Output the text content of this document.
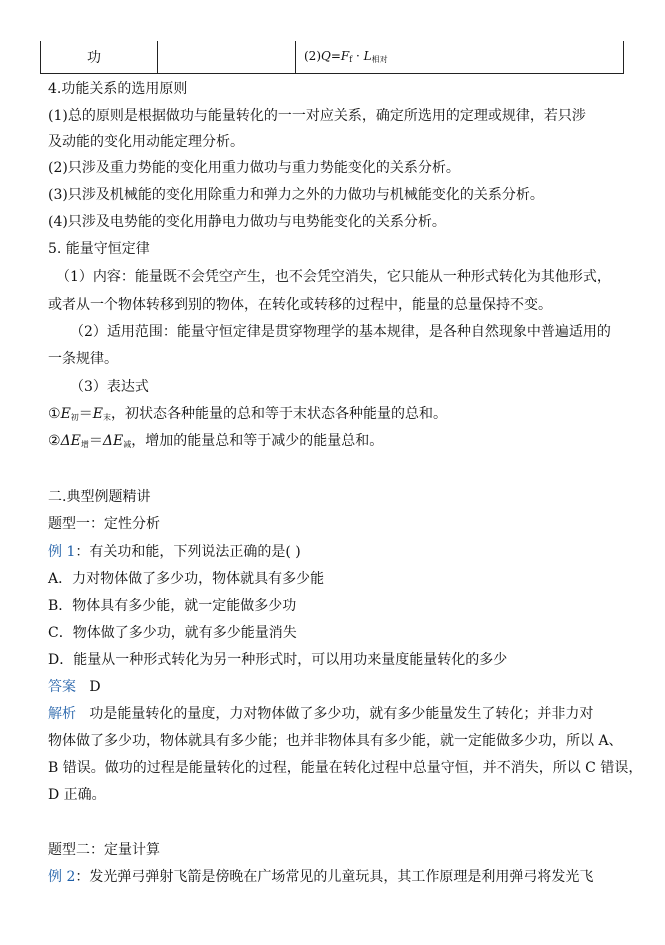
功	$(2)Q=F_f \cdot L_{相对}$
4.功能关系的选用原则
(1)总的原则是根据做功与能量转化的一一对应关系，确定所选用的定理或规律，若只涉
及动能的变化用动能定理分析。
(2)只涉及重力势能的变化用重力做功与重力势能变化的关系分析。
(3)只涉及机械能的变化用除重力和弹力之外的力做功与机械能变化的关系分析。
(4)只涉及电势能的变化用静电力做功与电势能变化的关系分析。
5. 能量守恒定律
（1）内容：能量既不会凭空产生，也不会凭空消失，它只能从一种形式转化为其他形式，
或者从一个物体转移到别的物体，在转化或转移的过程中，能量的总量保持不变。
（2）适用范围：能量守恒定律是贯穿物理学的基本规律，是各种自然现象中普遍适用的
一条规律。
（3）表达式
$①E_初=E_末$，初状态各种能量的总和等于末状态各种能量的总和。
$②\Delta E_增=\Delta E_减$，增加的能量总和等于减少的能量总和。
二.典型例题精讲
题型一：定性分析
例 1：有关功和能，下列说法正确的是( )
A．力对物体做了多少功，物体就具有多少能
B．物体具有多少能，就一定能做多少功
C．物体做了多少功，就有多少能量消失
D．能量从一种形式转化为另一种形式时，可以用功来量度能量转化的多少
答案 D
解析 功是能量转化的量度，力对物体做了多少功，就有多少能量发生了转化；并非力对
物体做了多少功，物体就具有多少能；也并非物体具有多少能，就一定能做多少功，所以 A、
B 错误。做功的过程是能量转化的过程，能量在转化过程中总量守恒，并不消失，所以 C 错误，
D 正确。
题型二：定量计算
例 2：发光弹弓弹射飞箭是傍晚在广场常见的儿童玩具，其工作原理是利用弹弓将发光飞
